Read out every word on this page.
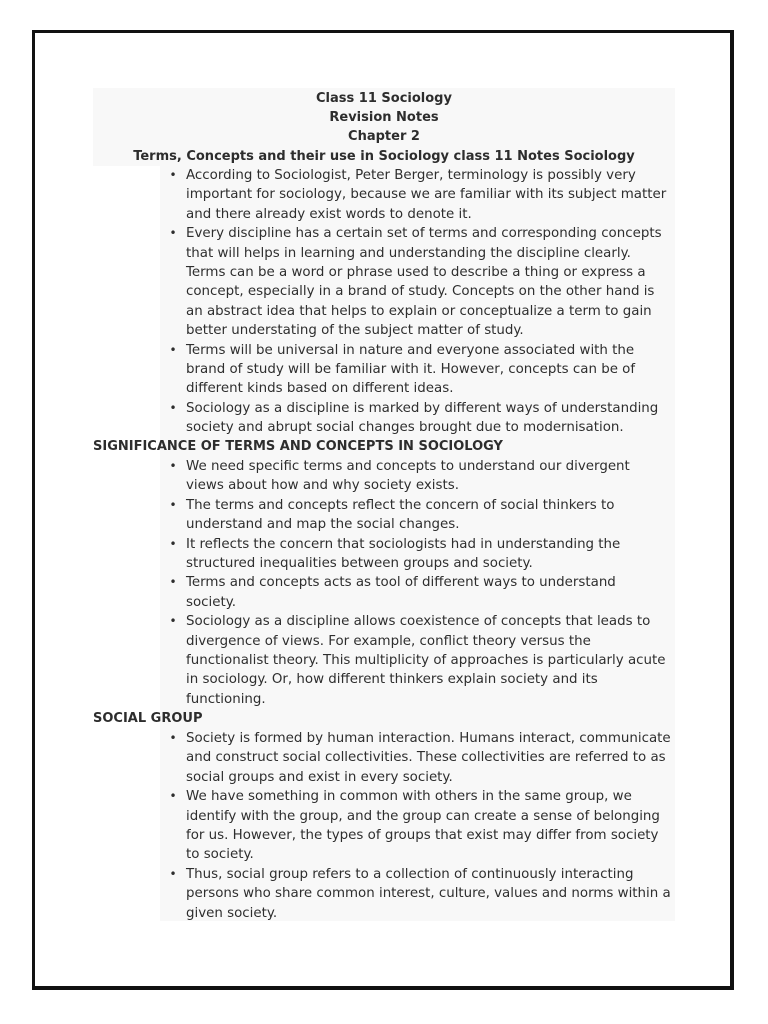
Class 11 Sociology
Revision Notes
Chapter 2
Terms, Concepts and their use in Sociology class 11 Notes Sociology
• According to Sociologist, Peter Berger, terminology is possibly very
important for sociology, because we are familiar with its subject matter
and there already exist words to denote it.
• Every discipline has a certain set of terms and corresponding concepts
that will helps in learning and understanding the discipline clearly.
Terms can be a word or phrase used to describe a thing or express a
concept, especially in a brand of study. Concepts on the other hand is
an abstract idea that helps to explain or conceptualize a term to gain
better understating of the subject matter of study.
• Terms will be universal in nature and everyone associated with the
brand of study will be familiar with it. However, concepts can be of
different kinds based on different ideas.
• Sociology as a discipline is marked by different ways of understanding
society and abrupt social changes brought due to modernisation.
SIGNIFICANCE OF TERMS AND CONCEPTS IN SOCIOLOGY
• We need specific terms and concepts to understand our divergent
views about how and why society exists.
• The terms and concepts reflect the concern of social thinkers to
understand and map the social changes.
• It reflects the concern that sociologists had in understanding the
structured inequalities between groups and society.
• Terms and concepts acts as tool of different ways to understand
society.
• Sociology as a discipline allows coexistence of concepts that leads to
divergence of views. For example, conflict theory versus the
functionalist theory. This multiplicity of approaches is particularly acute
in sociology. Or, how different thinkers explain society and its
functioning.
SOCIAL GROUP
• Society is formed by human interaction. Humans interact, communicate
and construct social collectivities. These collectivities are referred to as
social groups and exist in every society.
• We have something in common with others in the same group, we
identify with the group, and the group can create a sense of belonging
for us. However, the types of groups that exist may differ from society
to society.
• Thus, social group refers to a collection of continuously interacting
persons who share common interest, culture, values and norms within a
given society.
